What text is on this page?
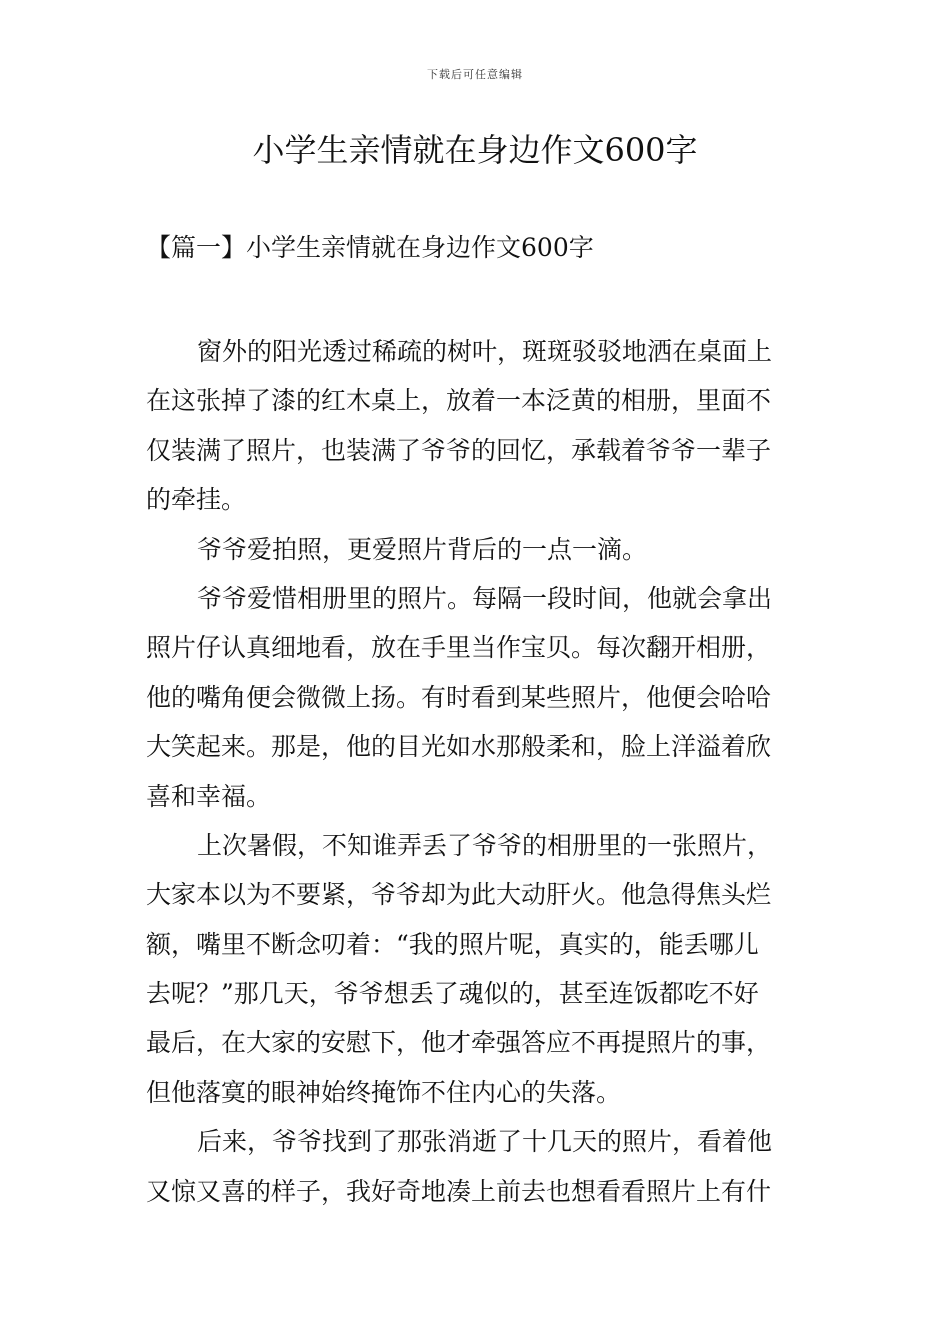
下载后可任意编辑
小学生亲情就在身边作文600字
【篇一】小学生亲情就在身边作文600字
窗外的阳光透过稀疏的树叶，斑斑驳驳地洒在桌面上
在这张掉了漆的红木桌上，放着一本泛黄的相册，里面不
仅装满了照片，也装满了爷爷的回忆，承载着爷爷一辈子
的牵挂。
爷爷爱拍照，更爱照片背后的一点一滴。
爷爷爱惜相册里的照片。每隔一段时间，他就会拿出
照片仔认真细地看，放在手里当作宝贝。每次翻开相册，
他的嘴角便会微微上扬。有时看到某些照片，他便会哈哈
大笑起来。那是，他的目光如水那般柔和，脸上洋溢着欣
喜和幸福。
上次暑假，不知谁弄丢了爷爷的相册里的一张照片，
大家本以为不要紧，爷爷却为此大动肝火。他急得焦头烂
额，嘴里不断念叨着：“我的照片呢，真实的，能丢哪儿
去呢？”那几天，爷爷想丢了魂似的，甚至连饭都吃不好
最后，在大家的安慰下，他才牵强答应不再提照片的事，
但他落寞的眼神始终掩饰不住内心的失落。
后来，爷爷找到了那张消逝了十几天的照片，看着他
又惊又喜的样子，我好奇地凑上前去也想看看照片上有什
